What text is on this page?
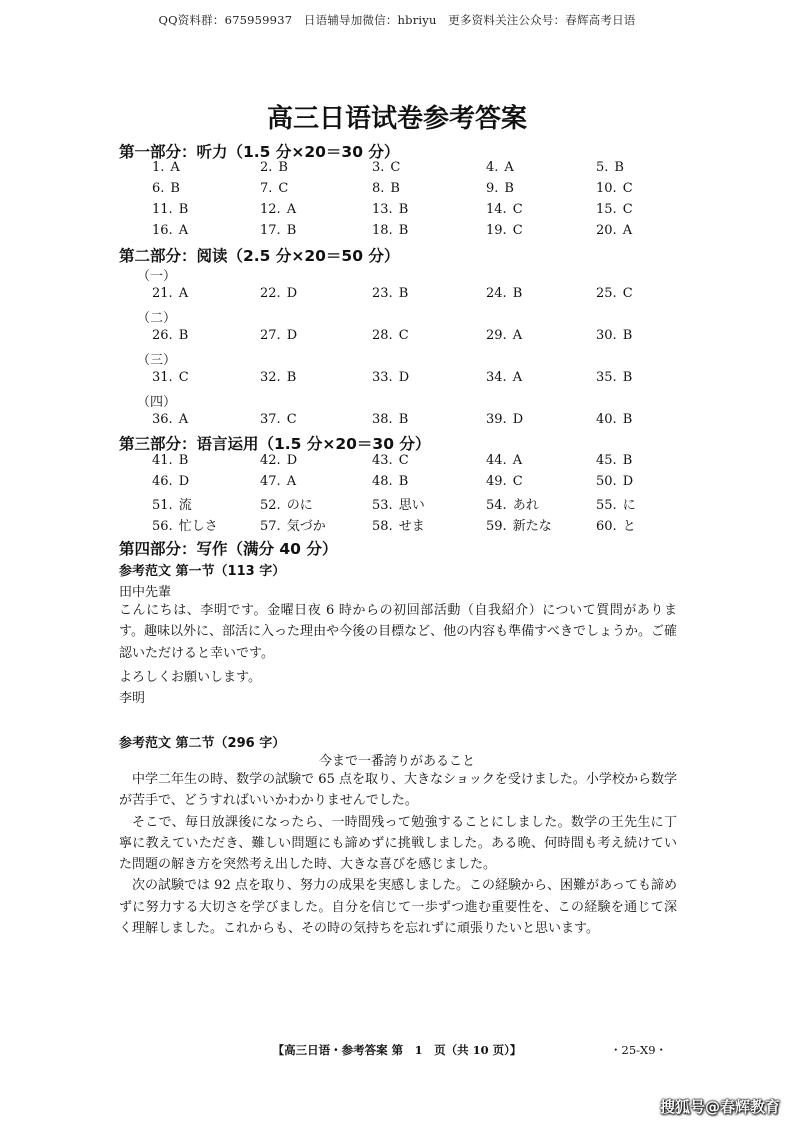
QQ资料群：675959937　日语辅导加微信：hbriyu　更多资料关注公众号：春辉高考日语
高三日语试卷参考答案
第一部分：听力（1.5 分×20＝30 分）
1. A	2. B	3. C	4. A	5. B
6. B	7. C	8. B	9. B	10. C
11. B	12. A	13. B	14. C	15. C
16. A	17. B	18. B	19. C	20. A
第二部分：阅读（2.5 分×20＝50 分）
（一）
21. A	22. D	23. B	24. B	25. C
（二）
26. B	27. D	28. C	29. A	30. B
（三）
31. C	32. B	33. D	34. A	35. B
（四）
36. A	37. C	38. B	39. D	40. B
第三部分：语言运用（1.5 分×20＝30 分）
41. B	42. D	43. C	44. A	45. B
46. D	47. A	48. B	49. C	50. D
51. 流	52. のに	53. 思い	54. あれ	55. に
56. 忙しさ	57. 気づか	58. せま	59. 新たな	60. と
第四部分：写作（满分 40 分）
参考范文 第一节（113 字）
田中先輩

こんにちは、李明です。金曜日夜 6 時からの初回部活動（自我紹介）について質問があります。趣味以外に、部活に入った理由や今後の目標など、他の内容も準備すべきでしょうか。ご確認いただけると幸いです。

よろしくお願いします。
李明
参考范文 第二节（296 字）
今まで一番誇りがあること

中学二年生の時、数学の試験で 65 点を取り、大きなショックを受けました。小学校から数学が苦手で、どうすればいいかわかりませんでした。

そこで、毎日放課後になったら、一時間残って勉強することにしました。数学の王先生に丁寧に教えていただき、難しい問題にも諦めずに挑戦しました。ある晩、何時間も考え続けていた問題の解き方を突然考え出した時、大きな喜びを感じました。

次の試験では 92 点を取り、努力の成果を実感しました。この経験から、困難があっても諦めずに努力する大切さを学びました。自分を信じて一歩ずつ進む重要性を、この経験を通じて深く理解しました。これからも、その時の気持ちを忘れずに頑張りたいと思います。

【高三日语・参考答案 第　1　页（共 10 页）】	・25-X9・
搜狐号@春辉教育
